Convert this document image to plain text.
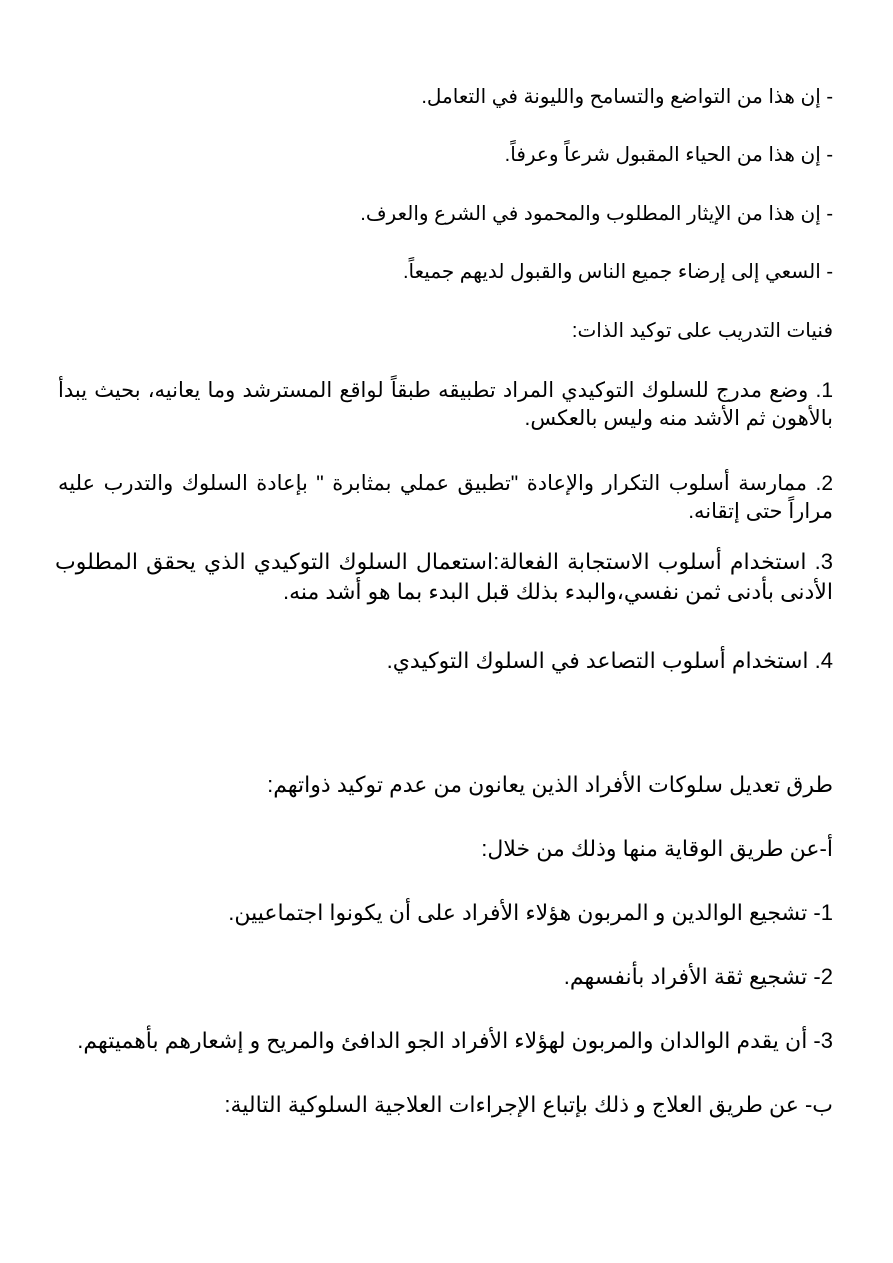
- إن هذا من التواضع والتسامح والليونة في التعامل.
- إن هذا من الحياء المقبول شرعاً وعرفاً.
- إن هذا من الإيثار المطلوب والمحمود في الشرع والعرف.
- السعي إلى إرضاء جميع الناس والقبول لديهم جميعاً.
فنيات التدريب على توكيد الذات:
1. وضع مدرج للسلوك التوكيدي المراد تطبيقه طبقاً لواقع المسترشد وما يعانيه، بحيث يبدأ بالأهون ثم الأشد منه وليس بالعكس.
2. ممارسة أسلوب التكرار والإعادة "تطبيق عملي بمثابرة " بإعادة السلوك والتدرب عليه مراراً حتى إتقانه.
3. استخدام أسلوب الاستجابة الفعالة:استعمال السلوك التوكيدي الذي يحقق المطلوب الأدنى بأدنى ثمن نفسي،والبدء بذلك قبل البدء بما هو أشد منه.
4. استخدام أسلوب التصاعد في السلوك التوكيدي.
طرق تعديل سلوكات الأفراد الذين يعانون من عدم توكيد ذواتهم:
أ-عن طريق الوقاية منها وذلك من خلال:
1- تشجيع الوالدين و المربون هؤلاء الأفراد على أن يكونوا اجتماعيين.
2- تشجيع ثقة الأفراد بأنفسهم.
3- أن يقدم الوالدان والمربون لهؤلاء الأفراد الجو الدافئ والمريح و إشعارهم بأهميتهم.
ب- عن طريق العلاج و ذلك بإتباع الإجراءات العلاجية السلوكية التالية:
